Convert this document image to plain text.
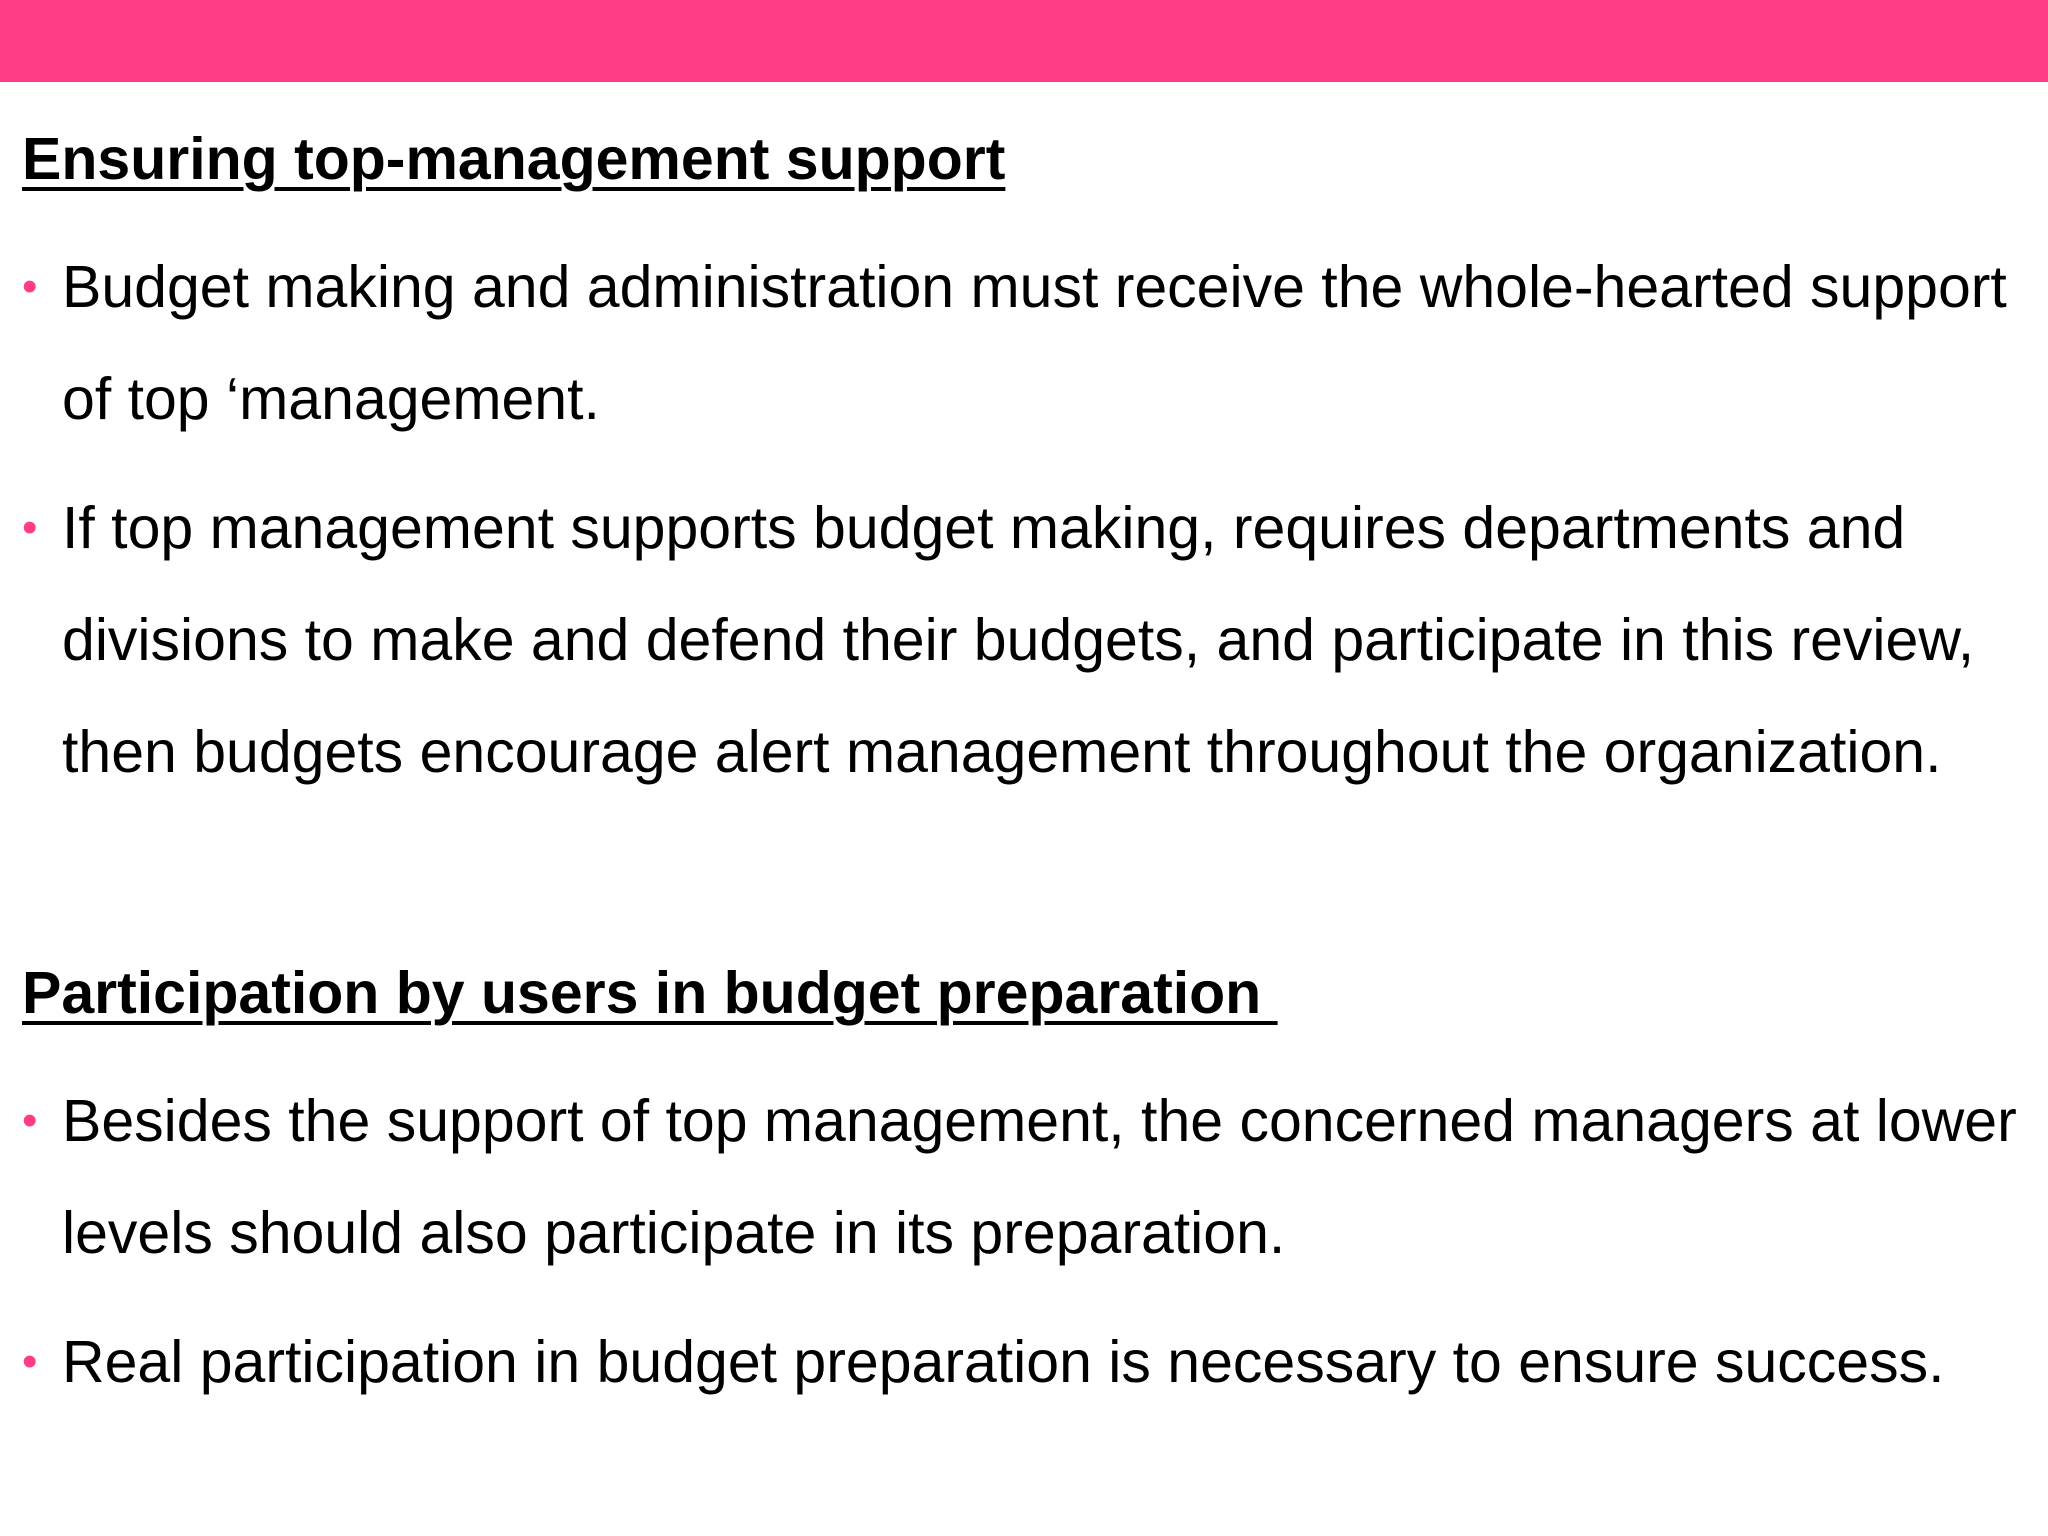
Ensuring top-management support
• Budget making and administration must receive the whole-hearted support of top ‘management.

• If top management supports budget making, requires departments and divisions to make and defend their budgets, and participate in this review, then budgets encourage alert management throughout the organization.

Participation by users in budget preparation
• Besides the support of top management, the concerned managers at lower levels should also participate in its preparation.

• Real participation in budget preparation is necessary to ensure success.
